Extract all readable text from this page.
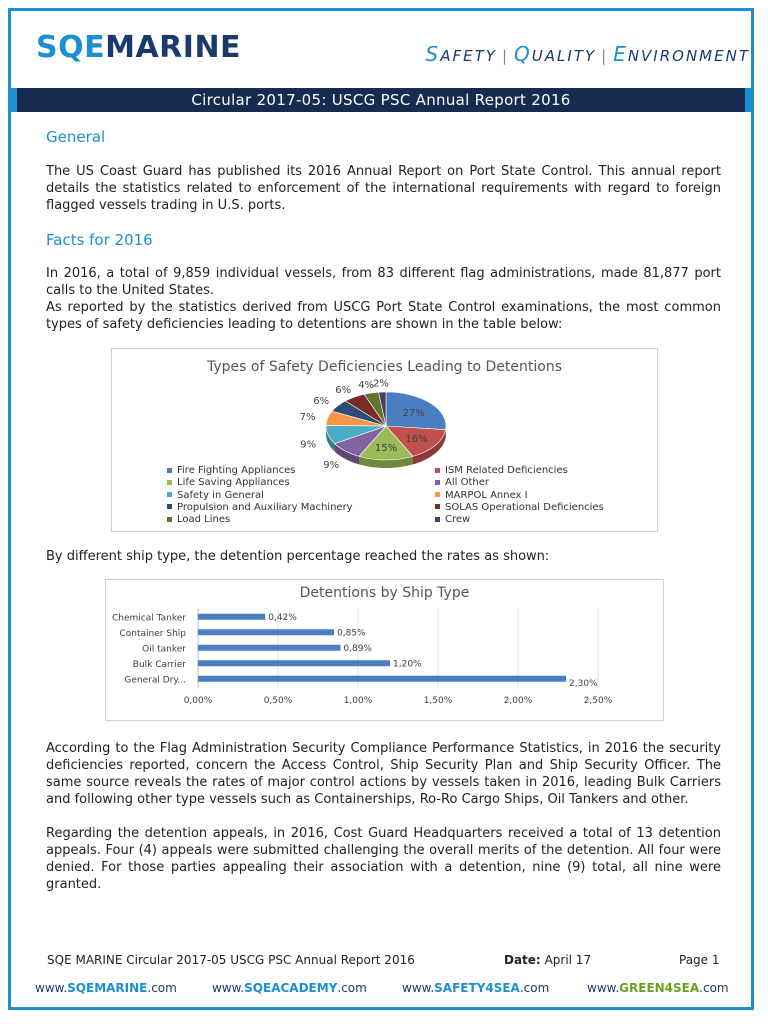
SQEMARINE	SAFETY | QUALITY | ENVIRONMENT
Circular 2017-05: USCG PSC Annual Report 2016
General
The US Coast Guard has published its 2016 Annual Report on Port State Control. This annual report details the statistics related to enforcement of the international requirements with regard to foreign flagged vessels trading in U.S. ports.
Facts for 2016
In 2016, a total of 9,859 individual vessels, from 83 different flag administrations, made 81,877 port calls to the United States.
As reported by the statistics derived from USCG Port State Control examinations, the most common types of safety deficiencies leading to detentions are shown in the table below:
Types of Safety Deficiencies Leading to Detentions
27%
16%
15%
9%
9%
7%
6%
6% 4%
2%
Fire Fighting Appliances	ISM Related Deficiencies
Life Saving Appliances	All Other
Safety in General	MARPOL Annex I
Propulsion and Auxiliary Machinery	SOLAS Operational Deficiencies
Load Lines	Crew
By different ship type, the detention percentage reached the rates as shown:
Detentions by Ship Type
0,00%	0,50%	1,00%	1,50%	2,00%	2,50%
Chemical Tanker	0,42%
Container Ship	0,85%
Oil tanker	0,89%
Bulk Carrier	1,20%
General Dry...	2,30%
According to the Flag Administration Security Compliance Performance Statistics, in 2016 the security deficiencies reported, concern the Access Control, Ship Security Plan and Ship Security Officer. The same source reveals the rates of major control actions by vessels taken in 2016, leading Bulk Carriers and following other type vessels such as Containerships, Ro-Ro Cargo Ships, Oil Tankers and other.
Regarding the detention appeals, in 2016, Cost Guard Headquarters received a total of 13 detention appeals. Four (4) appeals were submitted challenging the overall merits of the detention. All four were denied. For those parties appealing their association with a detention, nine (9) total, all nine were granted.
SQE MARINE Circular 2017-05 USCG PSC Annual Report 2016	Date: April 17	Page 1
www.SQEMARINE.com	www.SQEACADEMY.com	www.SAFETY4SEA.com	www.GREEN4SEA.com
